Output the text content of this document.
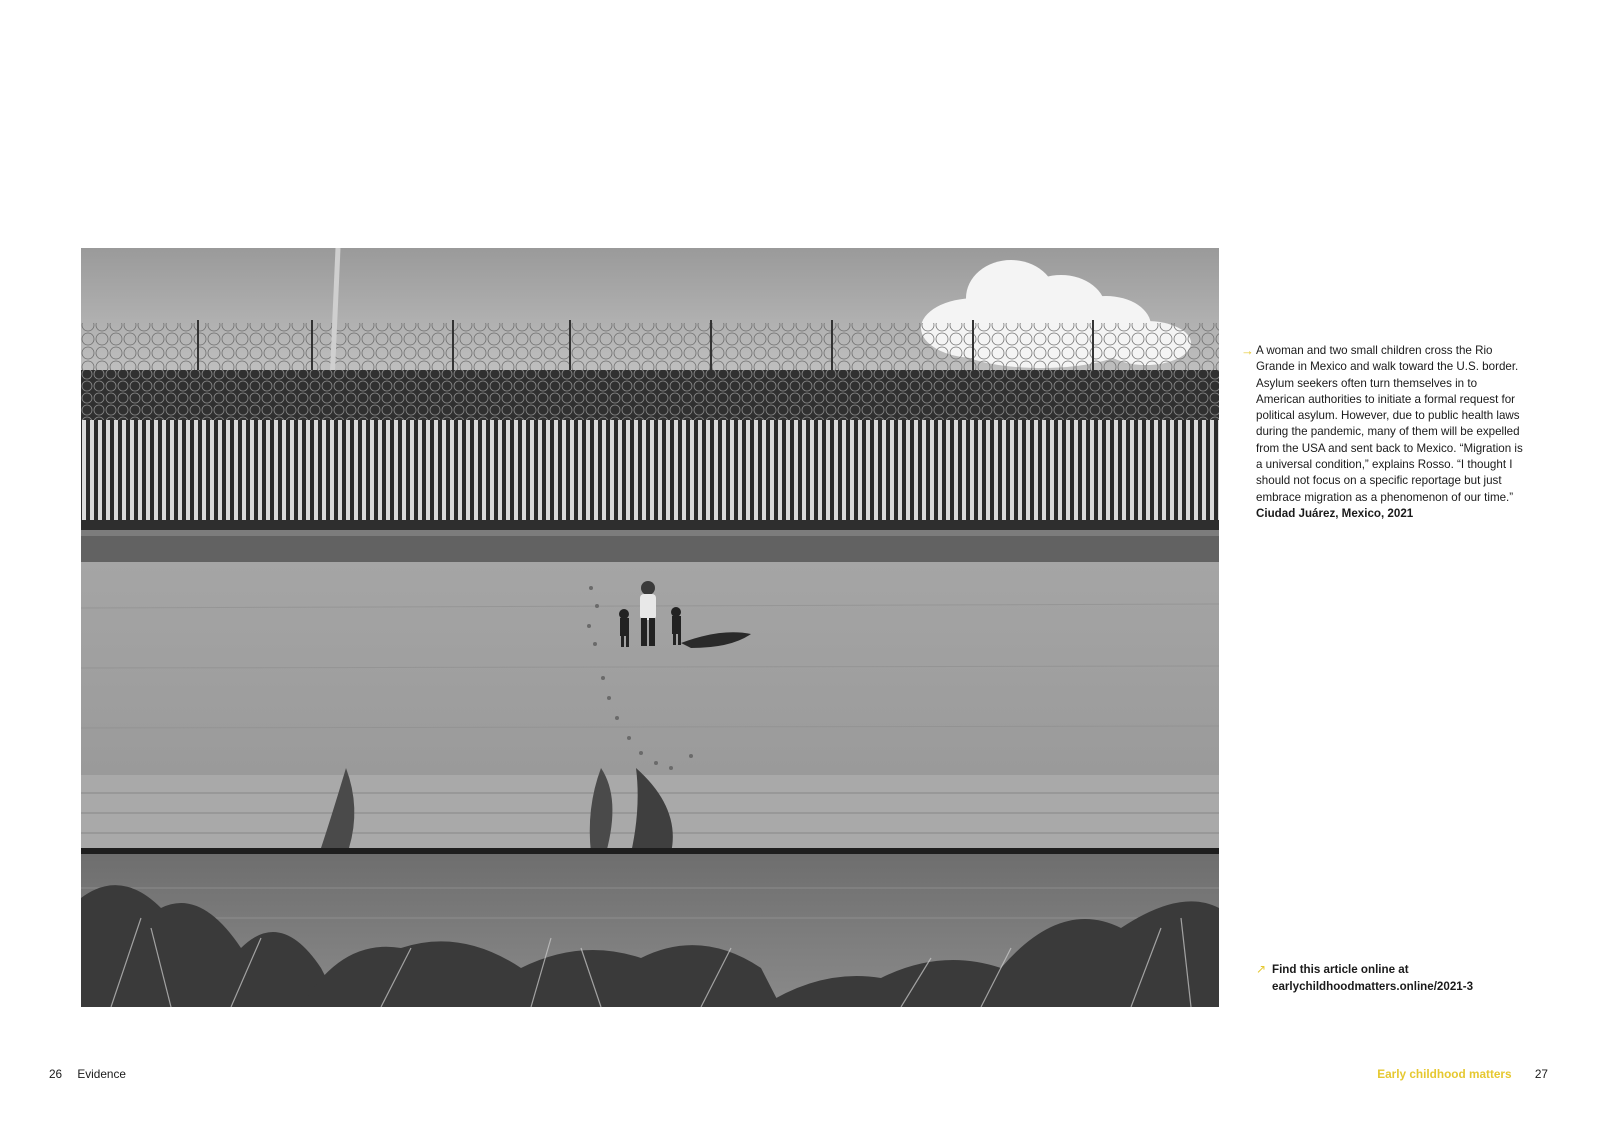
→ A woman and two small children cross the Rio Grande in Mexico and walk toward the U.S. border. Asylum seekers often turn themselves in to American authorities to initiate a formal request for political asylum. However, due to public health laws during the pandemic, many of them will be expelled from the USA and sent back to Mexico. “Migration is a universal condition,” explains Rosso. “I thought I should not focus on a specific reportage but just embrace migration as a phenomenon of our time.” Ciudad Juárez, Mexico, 2021
↗ Find this article online at
earlychildhoodmatters.online/2021-3
26 Evidence	Early childhood matters 27
